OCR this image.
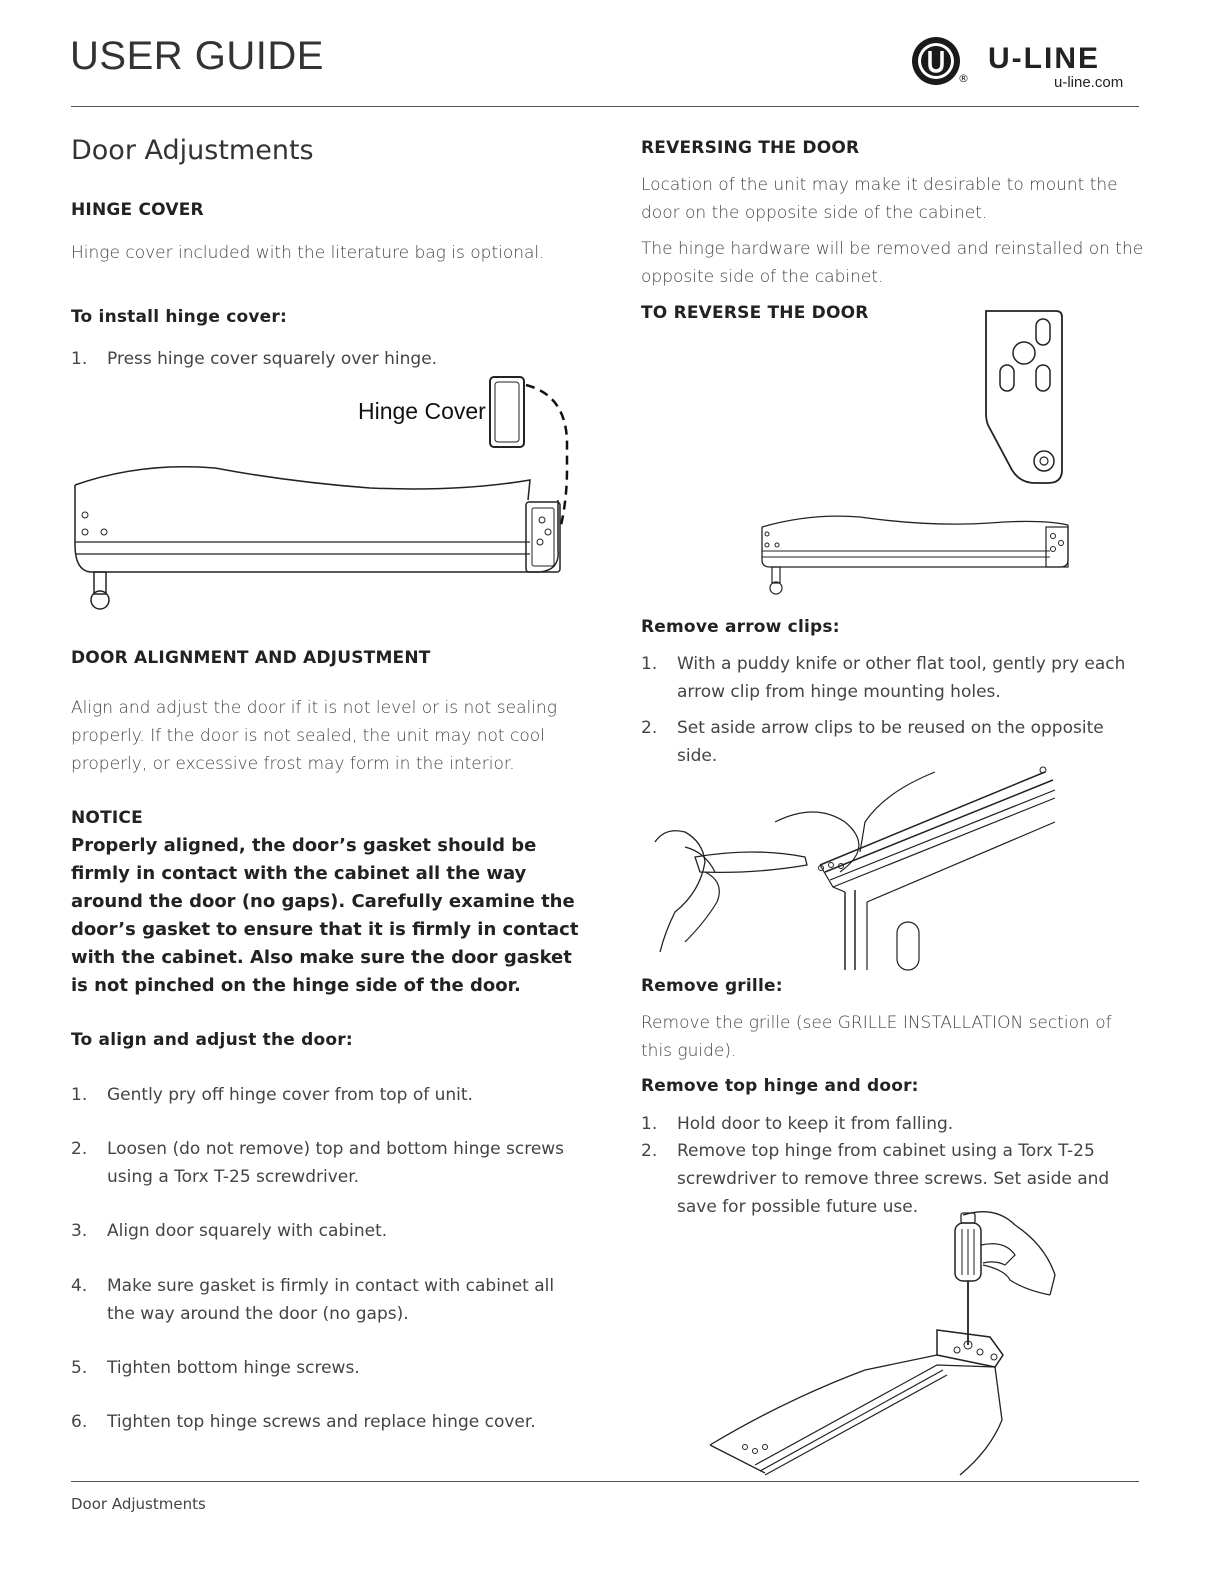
USER GUIDE
®
U-LINE
u-line.com
Door Adjustments
HINGE COVER
Hinge cover included with the literature bag is optional.
To install hinge cover:
1. Press hinge cover squarely over hinge.
Hinge Cover
DOOR ALIGNMENT AND ADJUSTMENT
Align and adjust the door if it is not level or is not sealing
properly. If the door is not sealed, the unit may not cool
properly, or excessive frost may form in the interior.
NOTICE
Properly aligned, the door’s gasket should be
firmly in contact with the cabinet all the way
around the door (no gaps). Carefully examine the
door’s gasket to ensure that it is firmly in contact
with the cabinet. Also make sure the door gasket
is not pinched on the hinge side of the door.
To align and adjust the door:
1. Gently pry off hinge cover from top of unit.
2. Loosen (do not remove) top and bottom hinge screws
using a Torx T-25 screwdriver.
3. Align door squarely with cabinet.
4. Make sure gasket is firmly in contact with cabinet all
the way around the door (no gaps).
5. Tighten bottom hinge screws.
6. Tighten top hinge screws and replace hinge cover.
REVERSING THE DOOR
Location of the unit may make it desirable to mount the
door on the opposite side of the cabinet.
The hinge hardware will be removed and reinstalled on the
opposite side of the cabinet.
TO REVERSE THE DOOR
Remove arrow clips:
1. With a puddy knife or other flat tool, gently pry each
arrow clip from hinge mounting holes.
2. Set aside arrow clips to be reused on the opposite
side.
Remove grille:
Remove the grille (see GRILLE INSTALLATION section of
this guide).
Remove top hinge and door:
1. Hold door to keep it from falling.
2. Remove top hinge from cabinet using a Torx T-25
screwdriver to remove three screws. Set aside and
save for possible future use.
Door Adjustments
